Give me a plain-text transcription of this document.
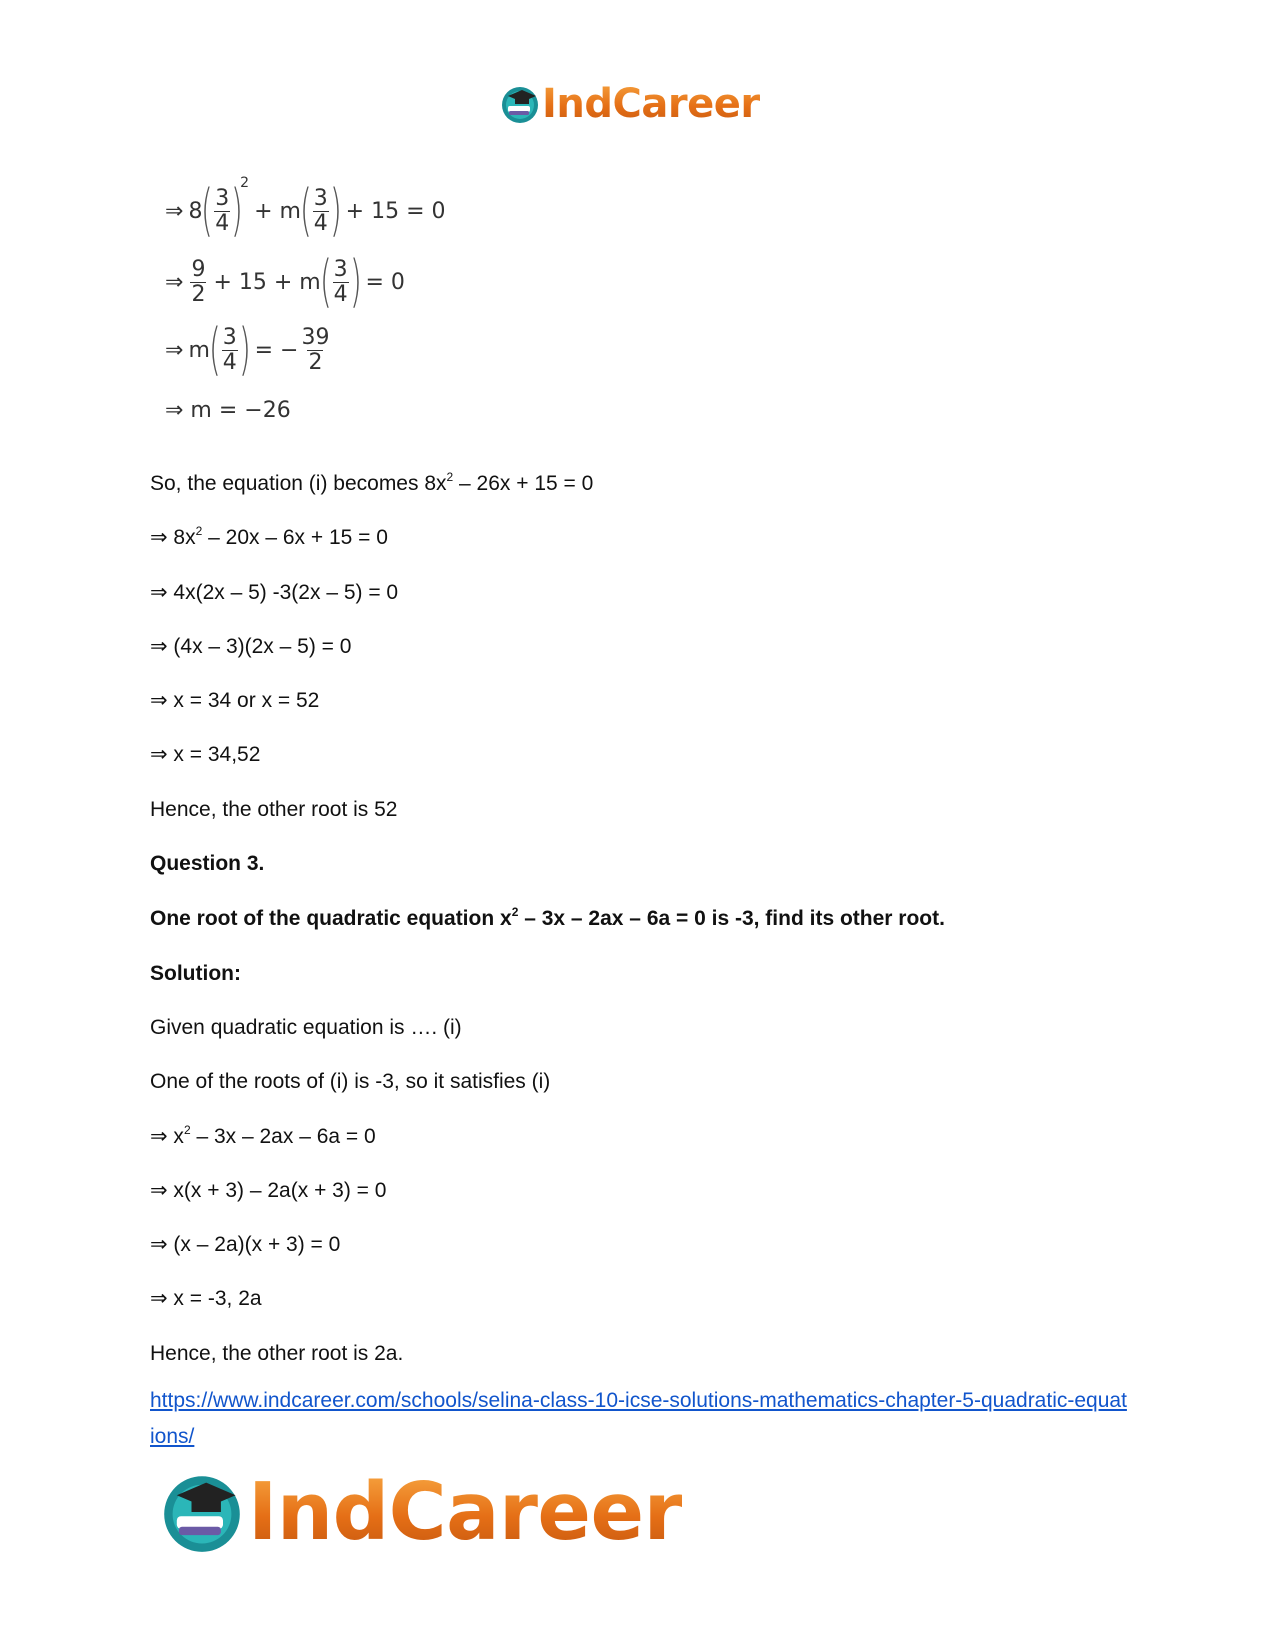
IndCareer
⇒ 8
( $\frac{3}{4}$ )
2
+ m
( $\frac{3}{4}$ ) + 15 = 0
⇒ $\frac{9}{2} + 15 + m$
( $\frac{3}{4}$ ) = 0
⇒ m
( $\frac{3}{4}$ ) = − $\frac{39}{2}$
⇒ m = −26
So, the equation (i) becomes $8x^2 - 26x + 15 = 0$
⇒ $8x^2 - 20x - 6x + 15 = 0$
⇒ 4x(2x – 5) -3(2x – 5) = 0
⇒ (4x – 3)(2x – 5) = 0
⇒ x = 34 or x = 52
⇒ x = 34,52
Hence, the other root is 52
Question 3.
One root of the quadratic equation $x^2 - 3x - 2ax - 6a = 0$ is -3, find its other root.
Solution:
Given quadratic equation is …. (i)
One of the roots of (i) is -3, so it satisfies (i)
⇒ $x^2 - 3x - 2ax - 6a = 0$
⇒ x(x + 3) – 2a(x + 3) = 0
⇒ (x – 2a)(x + 3) = 0
⇒ x = -3, 2a
Hence, the other root is 2a.
https://www.indcareer.com/schools/selina-class-10-icse-solutions-mathematics-chapter-5-quadratic-equations/
IndCareer
